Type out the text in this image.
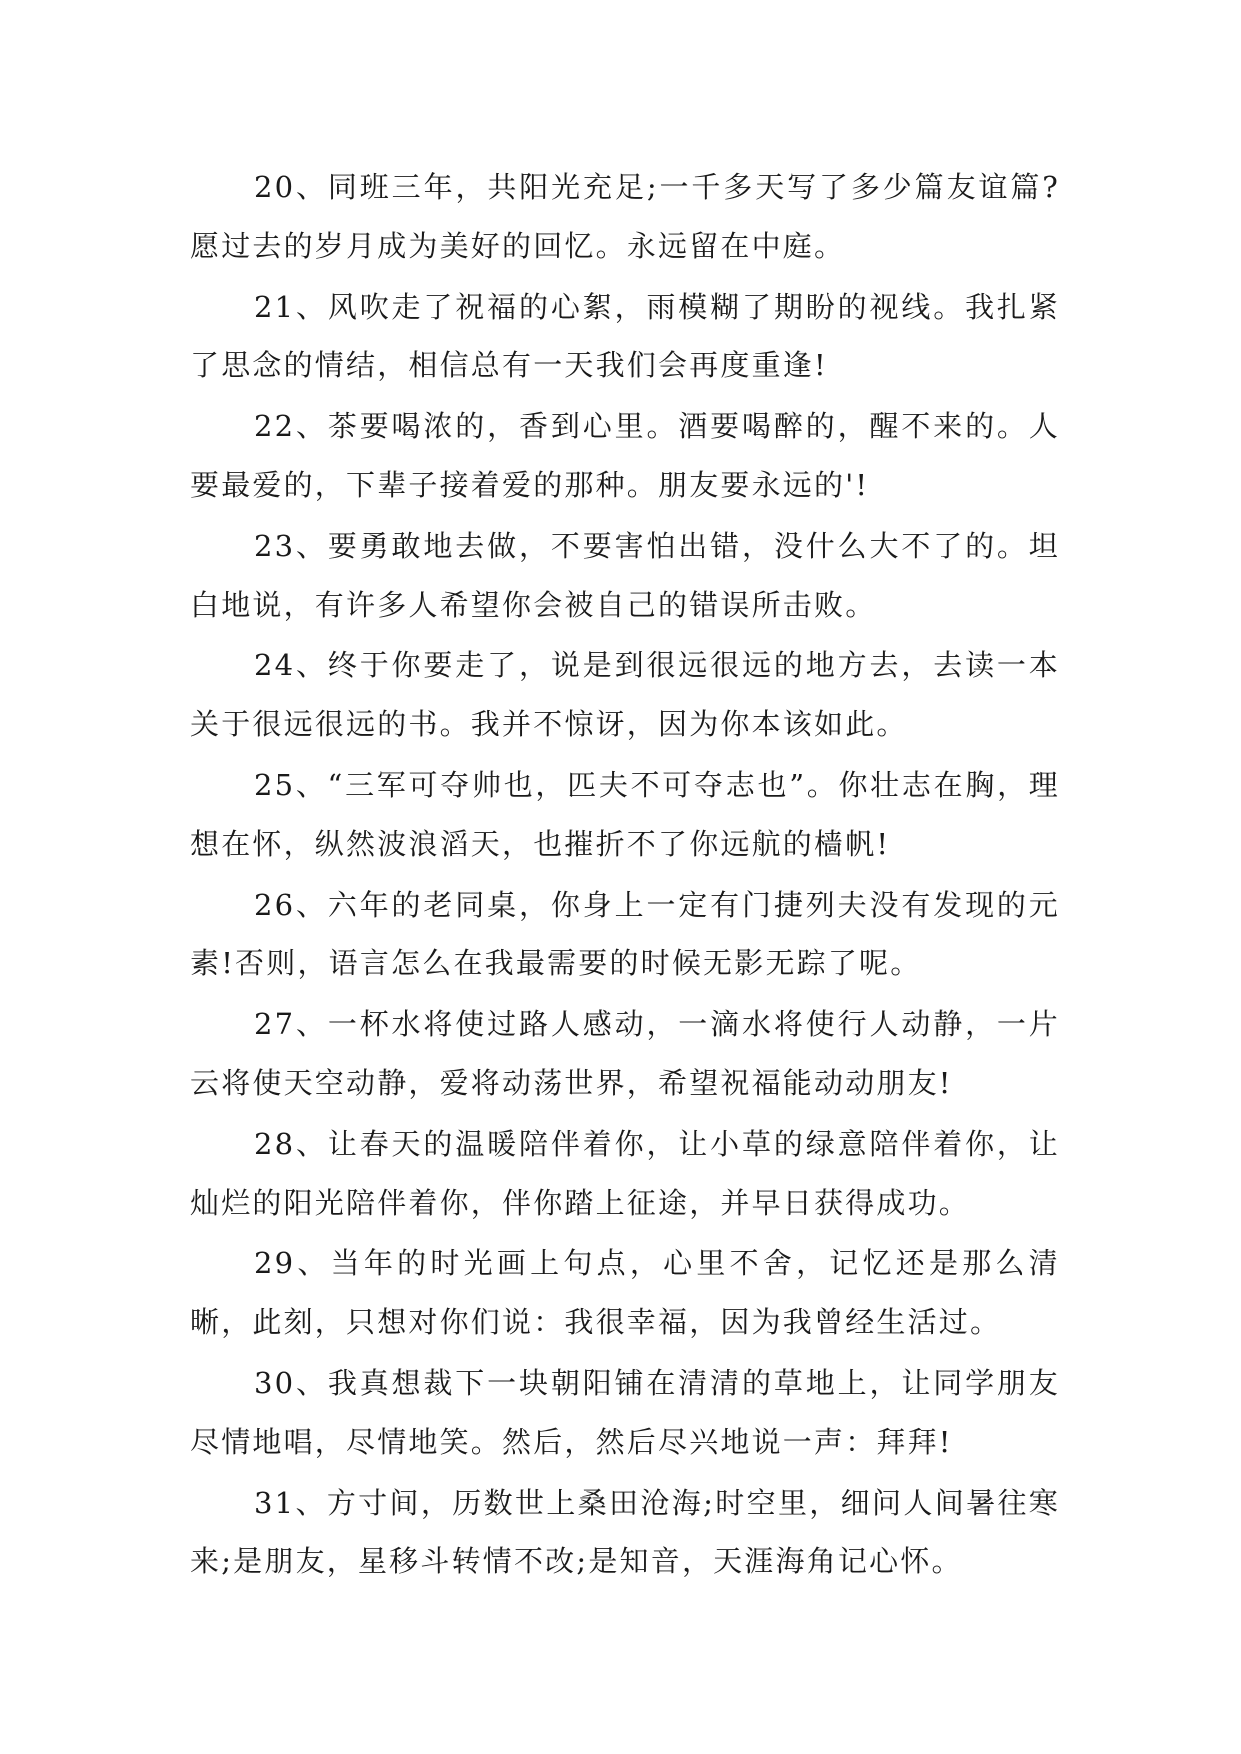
20、同班三年，共阳光充足;一千多天写了多少篇友谊篇?愿过去的岁月成为美好的回忆。永远留在中庭。

21、风吹走了祝福的心絮，雨模糊了期盼的视线。我扎紧了思念的情结，相信总有一天我们会再度重逢!

22、茶要喝浓的，香到心里。酒要喝醉的，醒不来的。人要最爱的，下辈子接着爱的那种。朋友要永远的'!

23、要勇敢地去做，不要害怕出错，没什么大不了的。坦白地说，有许多人希望你会被自己的错误所击败。

24、终于你要走了，说是到很远很远的地方去，去读一本关于很远很远的书。我并不惊讶，因为你本该如此。

25、“三军可夺帅也，匹夫不可夺志也”。你壮志在胸，理想在怀，纵然波浪滔天，也摧折不了你远航的樯帆!

26、六年的老同桌，你身上一定有门捷列夫没有发现的元素!否则，语言怎么在我最需要的时候无影无踪了呢。

27、一杯水将使过路人感动，一滴水将使行人动静，一片云将使天空动静，爱将动荡世界，希望祝福能动动朋友!

28、让春天的温暖陪伴着你，让小草的绿意陪伴着你，让灿烂的阳光陪伴着你，伴你踏上征途，并早日获得成功。

29、当年的时光画上句点，心里不舍，记忆还是那么清晰，此刻，只想对你们说：我很幸福，因为我曾经生活过。

30、我真想裁下一块朝阳铺在清清的草地上，让同学朋友尽情地唱，尽情地笑。然后，然后尽兴地说一声：拜拜!

31、方寸间，历数世上桑田沧海;时空里，细问人间暑往寒来;是朋友，星移斗转情不改;是知音，天涯海角记心怀。
